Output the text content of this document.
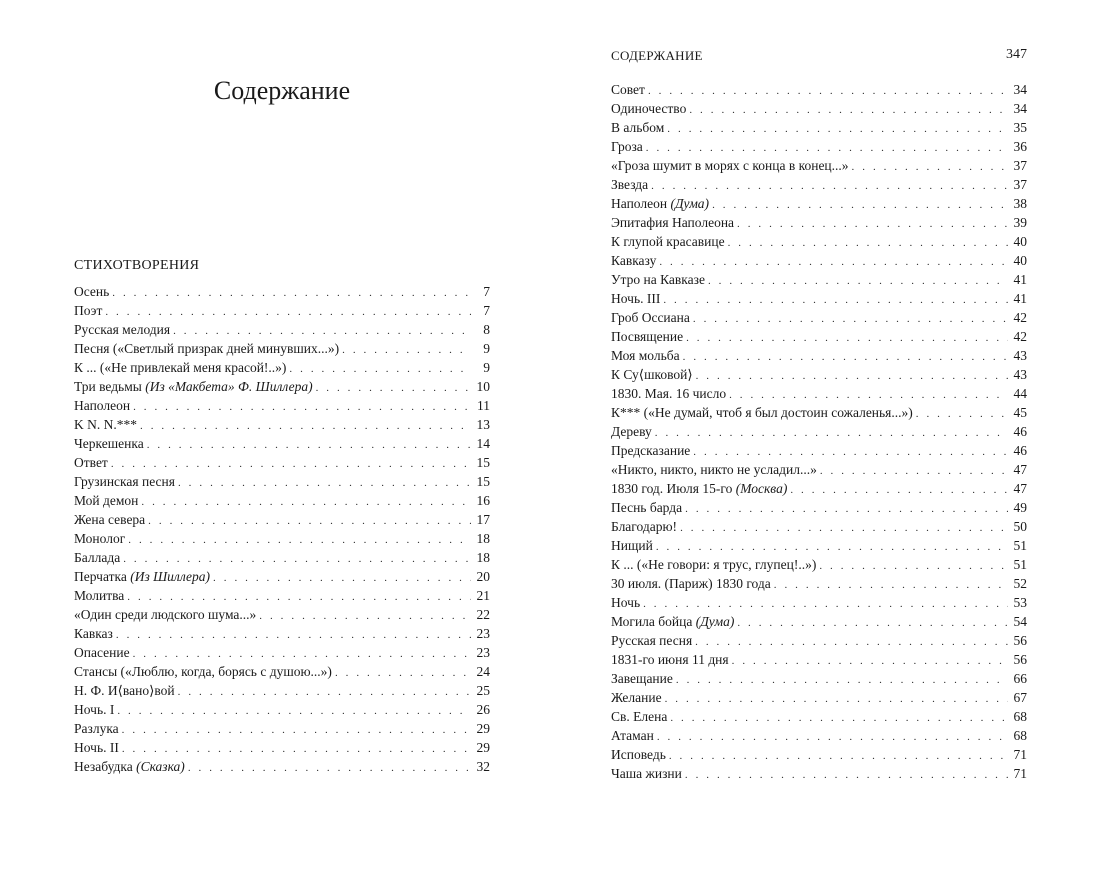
Содержание
СТИХОТВОРЕНИЯ
Осень . . .	7
Поэт . . .	7
Русская мелодия . . .	8
Песня («Светлый призрак дней минувших...») . . .	9
К ... («Не привлекай меня красой!..») . . .	9
Три ведьмы (Из «Макбета» Ф. Шиллера) . . .	10
Наполеон . . .	11
K N. N.*** . . .	13
Черкешенка . . .	14
Ответ . . .	15
Грузинская песня . . .	15
Мой демон . . .	16
Жена севера . . .	17
Монолог . . .	18
Баллада . . .	18
Перчатка (Из Шиллера) . . .	20
Молитва . . .	21
«Один среди людского шума...» . . .	22
Кавказ . . .	23
Опасение . . .	23
Стансы («Люблю, когда, борясь с душою...») . . .	24
Н. Ф. И⟨вано⟩вой . . .	25
Ночь. I . . .	26
Разлука . . .	29
Ночь. II . . .	29
Незабудка (Сказка) . . .	32
СОДЕРЖАНИЕ	347
Совет . . .	34
Одиночество . . .	34
В альбом . . .	35
Гроза . . .	36
«Гроза шумит в морях с конца в конец...» . . .	37
Звезда . . .	37
Наполеон (Дума) . . .	38
Эпитафия Наполеона . . .	39
К глупой красавице . . .	40
Кавказу . . .	40
Утро на Кавказе . . .	41
Ночь. III . . .	41
Гроб Оссиана . . .	42
Посвящение . . .	42
Моя мольба . . .	43
К Су⟨шковой⟩ . . .	43
1830. Мая. 16 число . . .	44
К*** («Не думай, чтоб я был достоин сожаленья...») . . .	45
Дереву . . .	46
Предсказание . . .	46
«Никто, никто, никто не усладил...» . . .	47
1830 год. Июля 15-го (Москва) . . .	47
Песнь барда . . .	49
Благодарю! . . .	50
Нищий . . .	51
К ... («Не говори: я трус, глупец!..») . . .	51
30 июля. (Париж) 1830 года . . .	52
Ночь . . .	53
Могила бойца (Дума) . . .	54
Русская песня . . .	56
1831-го июня 11 дня . . .	56
Завещание . . .	66
Желание . . .	67
Св. Елена . . .	68
Атаман . . .	68
Исповедь . . .	71
Чаша жизни . . .	71
